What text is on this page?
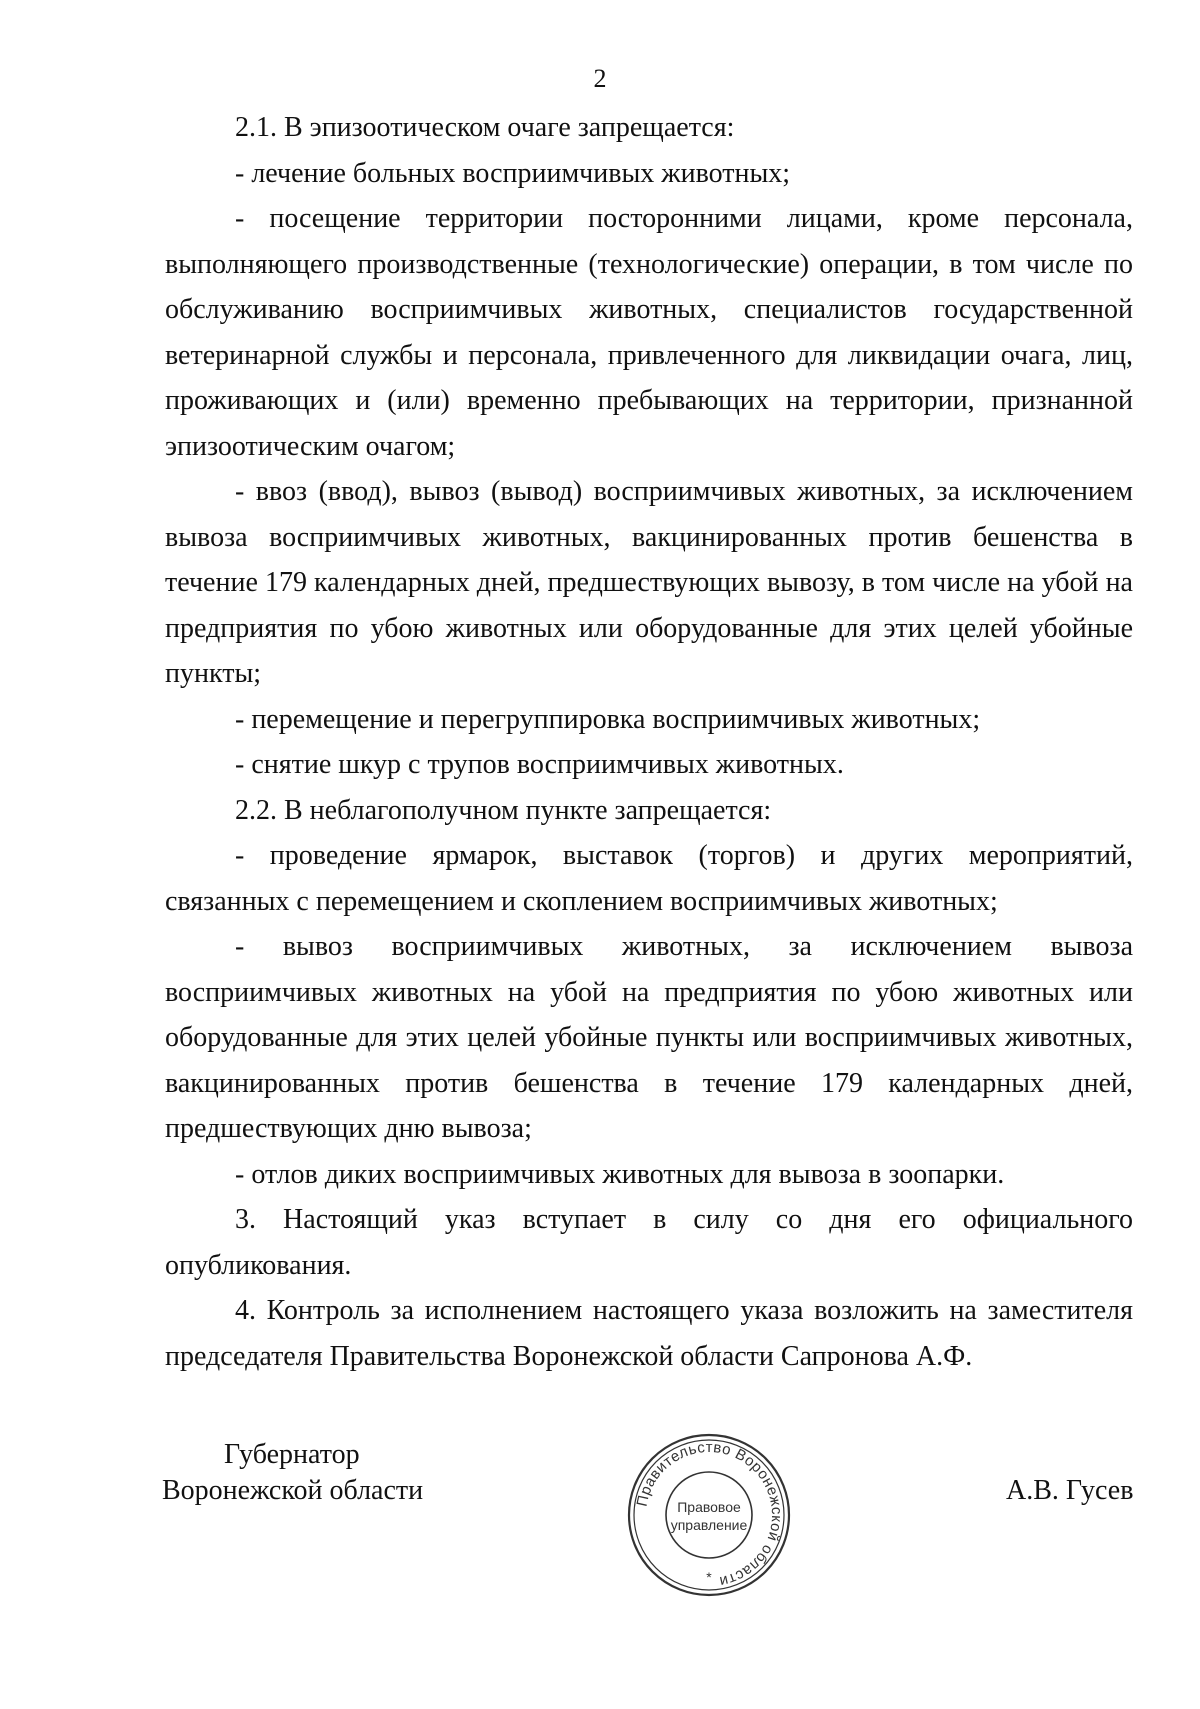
2

2.1. В эпизоотическом очаге запрещается:

- лечение больных восприимчивых животных;

- посещение территории посторонними лицами, кроме персонала, выполняющего производственные (технологические) операции, в том числе по обслуживанию восприимчивых животных, специалистов государственной ветеринарной службы и персонала, привлеченного для ликвидации очага, лиц, проживающих и (или) временно пребывающих на территории, признанной эпизоотическим очагом;

- ввоз (ввод), вывоз (вывод) восприимчивых животных, за исключением вывоза восприимчивых животных, вакцинированных против бешенства в течение 179 календарных дней, предшествующих вывозу, в том числе на убой на предприятия по убою животных или оборудованные для этих целей убойные пункты;

- перемещение и перегруппировка восприимчивых животных;

- снятие шкур с трупов восприимчивых животных.

2.2. В неблагополучном пункте запрещается:

- проведение ярмарок, выставок (торгов) и других мероприятий, связанных с перемещением и скоплением восприимчивых животных;

- вывоз восприимчивых животных, за исключением вывоза восприимчивых животных на убой на предприятия по убою животных или оборудованные для этих целей убойные пункты или восприимчивых животных, вакцинированных против бешенства в течение 179 календарных дней, предшествующих дню вывоза;

- отлов диких восприимчивых животных для вывоза в зоопарки.

3. Настоящий указ вступает в силу со дня его официального опубликования.

4. Контроль за исполнением настоящего указа возложить на заместителя председателя Правительства Воронежской области Сапронова А.Ф.

Губернатор
Воронежской области	Правительство Воронежской области
Правовое
управление
*
А.В. Гусев
